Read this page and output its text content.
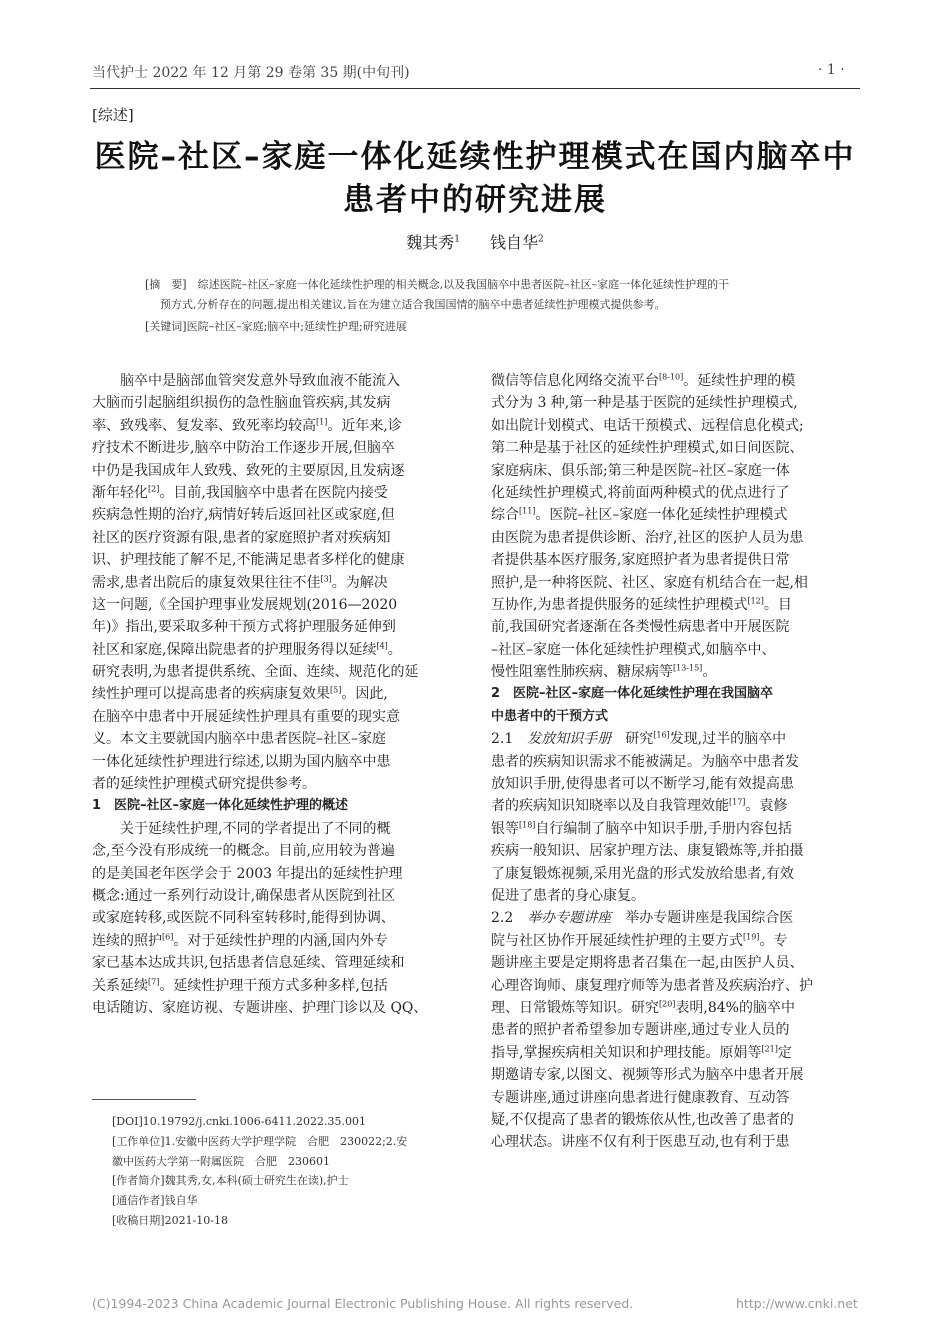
当代护士 2022 年 12 月第 29 卷第 35 期(中旬刊)	· 1 ·
[综述]
医院–社区–家庭一体化延续性护理模式在国内脑卒中
患者中的研究进展
魏其秀$^1$ 钱自华$^2$
[摘　要]　 综述医院–社区–家庭一体化延续性护理的相关概念,以及我国脑卒中患者医院–社区–家庭一体化延续性护理的干
预方式,分析存在的问题,提出相关建议,旨在为建立适合我国国情的脑卒中患者延续性护理模式提供参考。
[关键词]医院–社区–家庭;脑卒中;延续性护理;研究进展
　　脑卒中是脑部血管突发意外导致血液不能流入
大脑而引起脑组织损伤的急性脑血管疾病,其发病
率、致残率、复发率、致死率均较高[1]。近年来,诊
疗技术不断进步,脑卒中防治工作逐步开展,但脑卒
中仍是我国成年人致残、致死的主要原因,且发病逐
渐年轻化[2]。目前,我国脑卒中患者在医院内接受
疾病急性期的治疗,病情好转后返回社区或家庭,但
社区的医疗资源有限,患者的家庭照护者对疾病知
识、护理技能了解不足,不能满足患者多样化的健康
需求,患者出院后的康复效果往往不佳[3]。为解决
这一问题,《全国护理事业发展规划(2016—2020
年)》指出,要采取多种干预方式将护理服务延伸到
社区和家庭,保障出院患者的护理服务得以延续[4]。
研究表明,为患者提供系统、全面、连续、规范化的延
续性护理可以提高患者的疾病康复效果[5]。因此,
在脑卒中患者中开展延续性护理具有重要的现实意
义。本文主要就国内脑卒中患者医院–社区–家庭
一体化延续性护理进行综述,以期为国内脑卒中患
者的延续性护理模式研究提供参考。
1　医院–社区–家庭一体化延续性护理的概述
　　关于延续性护理,不同的学者提出了不同的概
念,至今没有形成统一的概念。目前,应用较为普遍
的是美国老年医学会于 2003 年提出的延续性护理
概念:通过一系列行动设计,确保患者从医院到社区
或家庭转移,或医院不同科室转移时,能得到协调、
连续的照护[6]。对于延续性护理的内涵,国内外专
家已基本达成共识,包括患者信息延续、管理延续和
关系延续[7]。延续性护理干预方式多种多样,包括
电话随访、家庭访视、专题讲座、护理门诊以及 QQ、
微信等信息化网络交流平台[8-10]。延续性护理的模
式分为 3 种,第一种是基于医院的延续性护理模式,
如出院计划模式、电话干预模式、远程信息化模式;
第二种是基于社区的延续性护理模式,如日间医院、
家庭病床、俱乐部;第三种是医院–社区–家庭一体
化延续性护理模式,将前面两种模式的优点进行了
综合[11]。医院–社区–家庭一体化延续性护理模式
由医院为患者提供诊断、治疗,社区的医护人员为患
者提供基本医疗服务,家庭照护者为患者提供日常
照护,是一种将医院、社区、家庭有机结合在一起,相
互协作,为患者提供服务的延续性护理模式[12]。目
前,我国研究者逐渐在各类慢性病患者中开展医院
–社区–家庭一体化延续性护理模式,如脑卒中、
慢性阻塞性肺疾病、糖尿病等[13-15]。
2　医院–社区–家庭一体化延续性护理在我国脑卒
中患者中的干预方式
2.1　发放知识手册　研究[16]发现,过半的脑卒中
患者的疾病知识需求不能被满足。为脑卒中患者发
放知识手册,使得患者可以不断学习,能有效提高患
者的疾病知识知晓率以及自我管理效能[17]。袁修
银等[18]自行编制了脑卒中知识手册,手册内容包括
疾病一般知识、居家护理方法、康复锻炼等,并拍摄
了康复锻炼视频,采用光盘的形式发放给患者,有效
促进了患者的身心康复。
2.2　举办专题讲座　举办专题讲座是我国综合医
院与社区协作开展延续性护理的主要方式[19]。专
题讲座主要是定期将患者召集在一起,由医护人员、
心理咨询师、康复理疗师等为患者普及疾病治疗、护
理、日常锻炼等知识。研究[20]表明,84%的脑卒中
患者的照护者希望参加专题讲座,通过专业人员的
指导,掌握疾病相关知识和护理技能。原娟等[21]定
期邀请专家,以图文、视频等形式为脑卒中患者开展
专题讲座,通过讲座向患者进行健康教育、互动答
疑,不仅提高了患者的锻炼依从性,也改善了患者的
心理状态。讲座不仅有利于医患互动,也有利于患
[DOI]10.19792/j.cnki.1006-6411.2022.35.001
[工作单位]1.安徽中医药大学护理学院　合肥　230022;2.安
徽中医药大学第一附属医院　合肥　230601
[作者简介]魏其秀,女,本科(硕士研究生在读),护士
[通信作者]钱自华
[收稿日期]2021-10-18
(C)1994-2023 China Academic Journal Electronic Publishing House. All rights reserved.	http://www.cnki.net
